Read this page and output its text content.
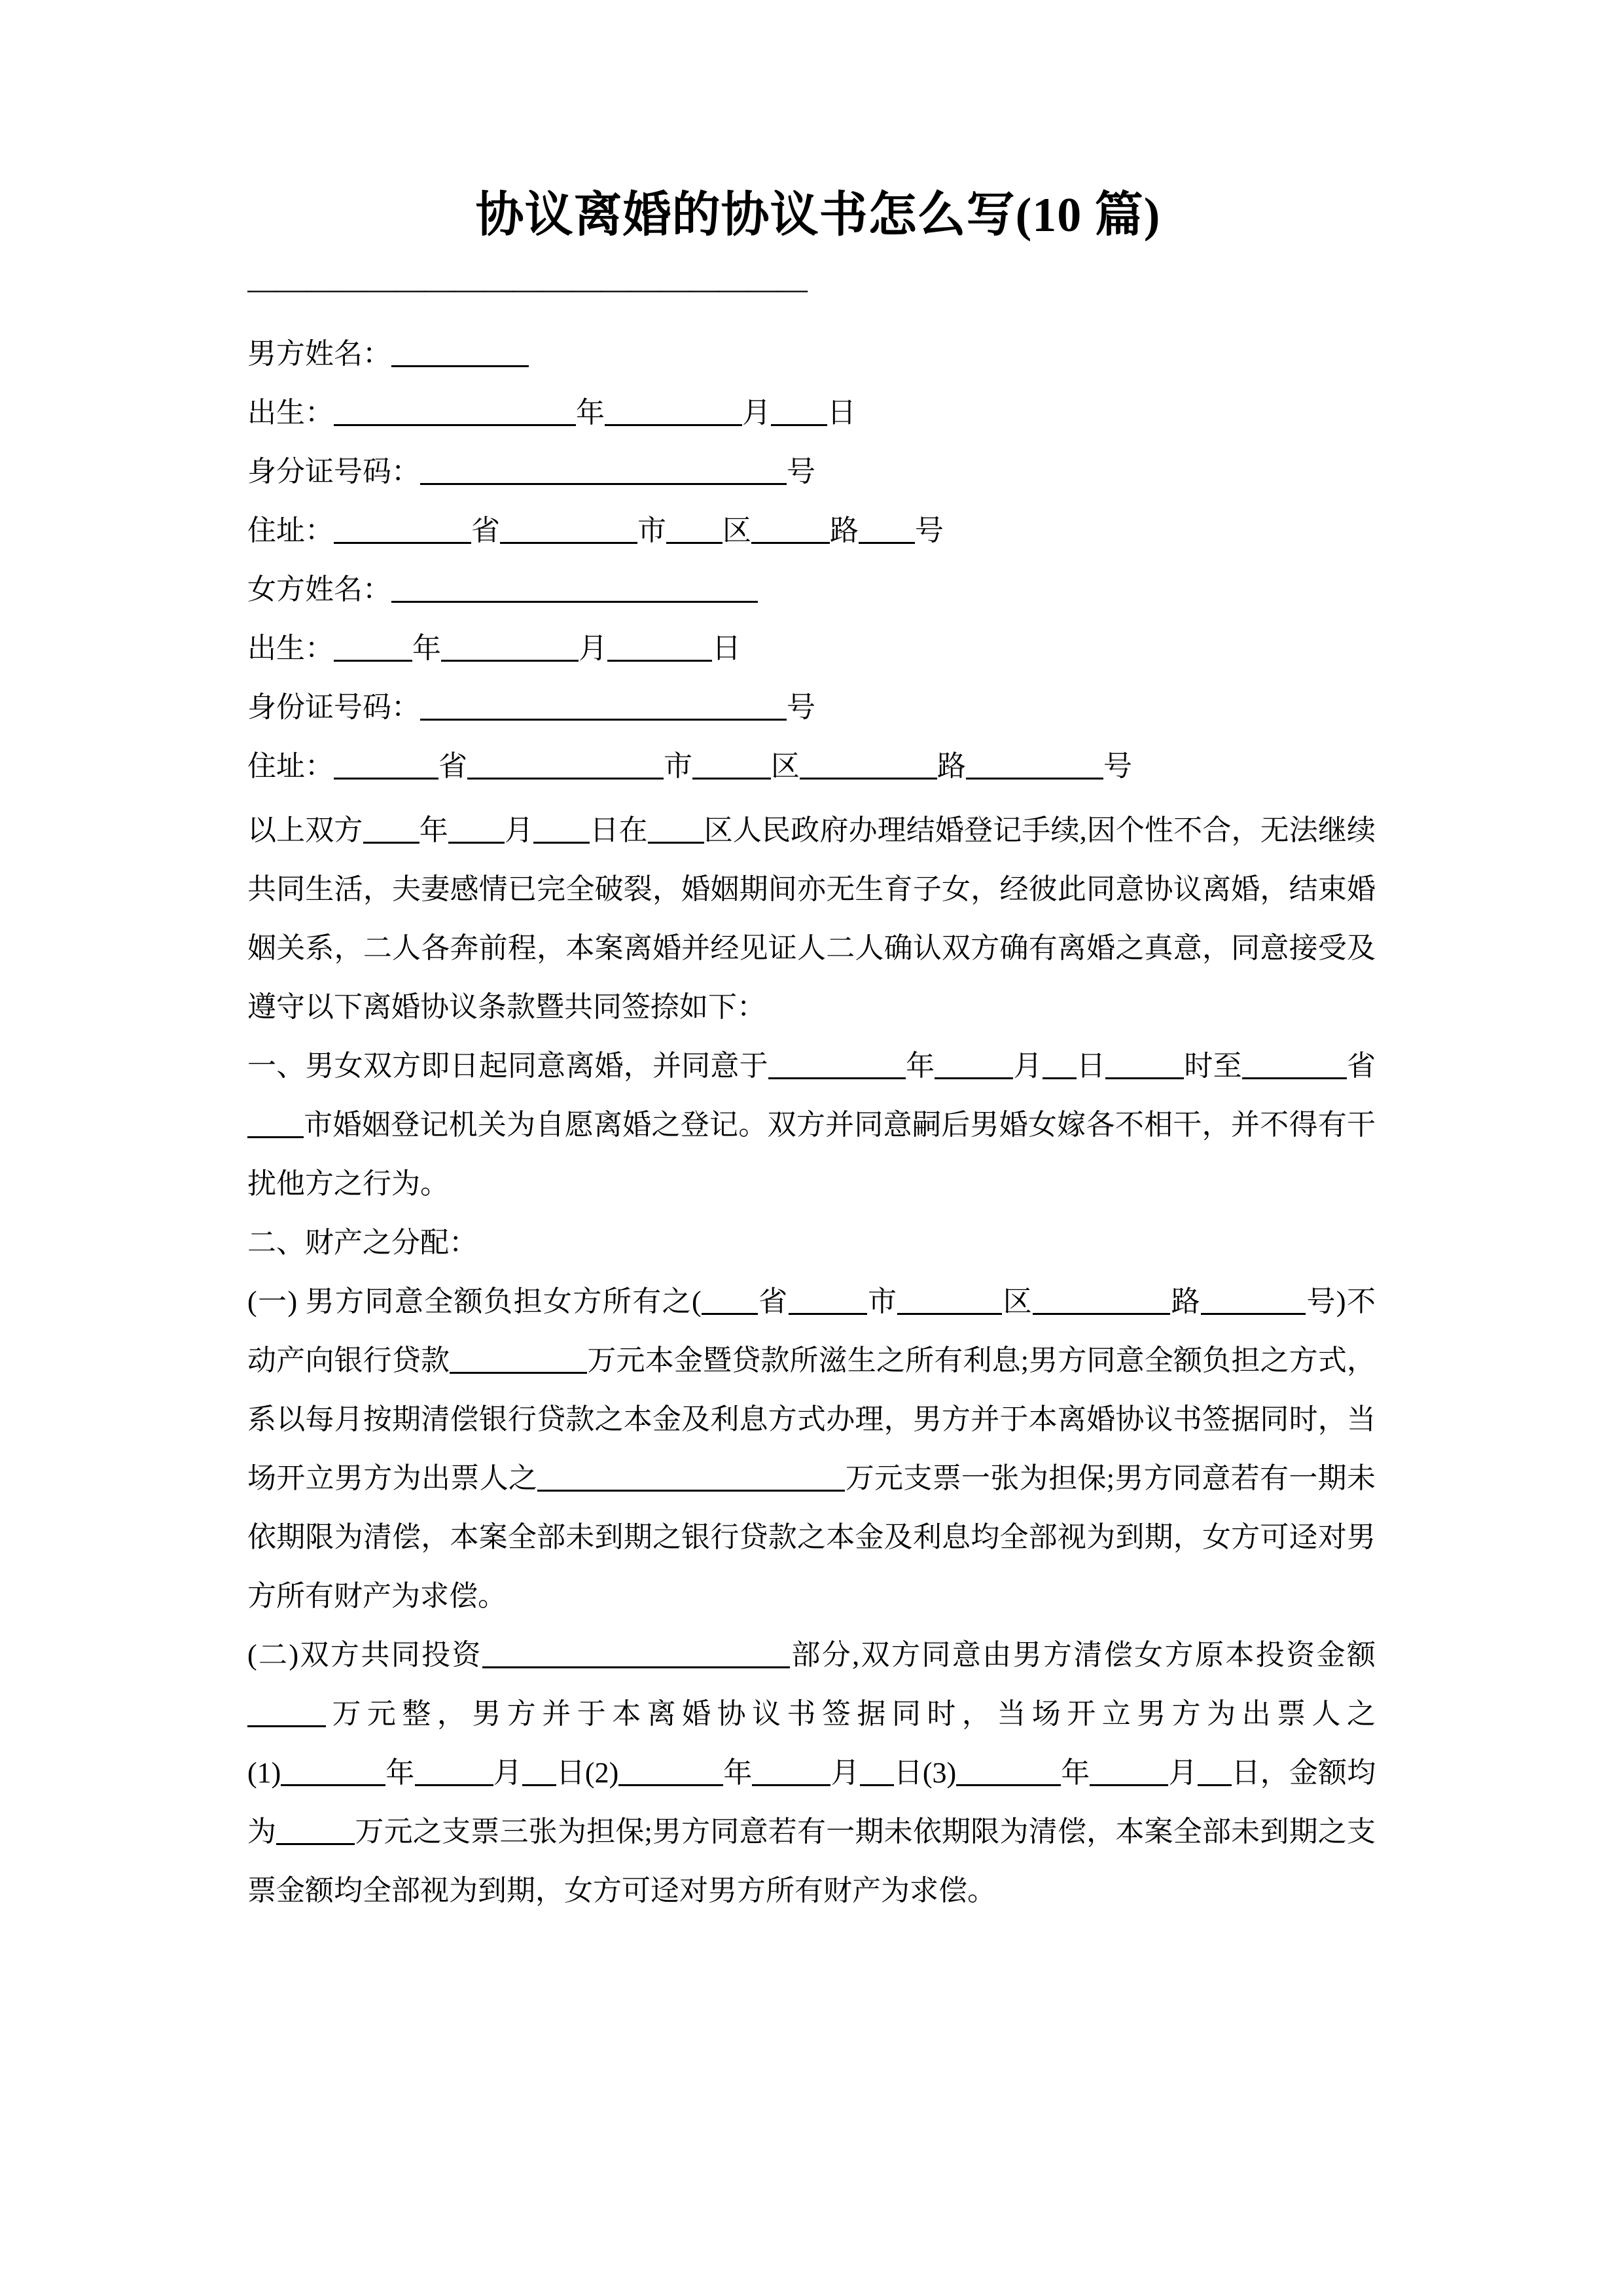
协议离婚的协议书怎么写(10 篇)
———————————————————
男方姓名：
出生：	年	月 日
身分证号码：	号
住址：	省	市 区	路 号
女方姓名：
出生：	年	月	日
身份证号码：	号
住址：	省	市	区	路	号

以上双方 年 月 日在 区人民政府办理结婚登记手续,因个性不合，无法继续共同生活，夫妻感情已完全破裂，婚姻期间亦无生育子女，经彼此同意协议离婚，结束婚姻关系，二人各奔前程，本案离婚并经见证人二人确认双方确有离婚之真意，同意接受及遵守以下离婚协议条款暨共同签捺如下：

一、男女双方即日起同意离婚，并同意于	年	月 日	时至	省市婚姻登记机关为自愿离婚之登记。双方并同意嗣后男婚女嫁各不相干，并不得有干扰他方之行为。

二、财产之分配：

(一) 男方同意全额负担女方所有之( 省	市	区	路	号)不动产向银行贷款	万元本金暨贷款所滋生之所有利息;男方同意全额负担之方式，系以每月按期清偿银行贷款之本金及利息方式办理，男方并于本离婚协议书签据同时，当场开立男方为出票人之	万元支票一张为担保;男方同意若有一期未依期限为清偿，本案全部未到期之银行贷款之本金及利息均全部视为到期，女方可迳对男方所有财产为求偿。

(二)双方共同投资	部分,双方同意由男方清偿女方原本投资金额万元整，男方并于本离婚协议书签据同时，当场开立男方为出票人之(1)	年	月 日(2)	年	月 日(3)	年	月 日，金额均为	万元之支票三张为担保;男方同意若有一期未依期限为清偿，本案全部未到期之支票金额均全部视为到期，女方可迳对男方所有财产为求偿。
